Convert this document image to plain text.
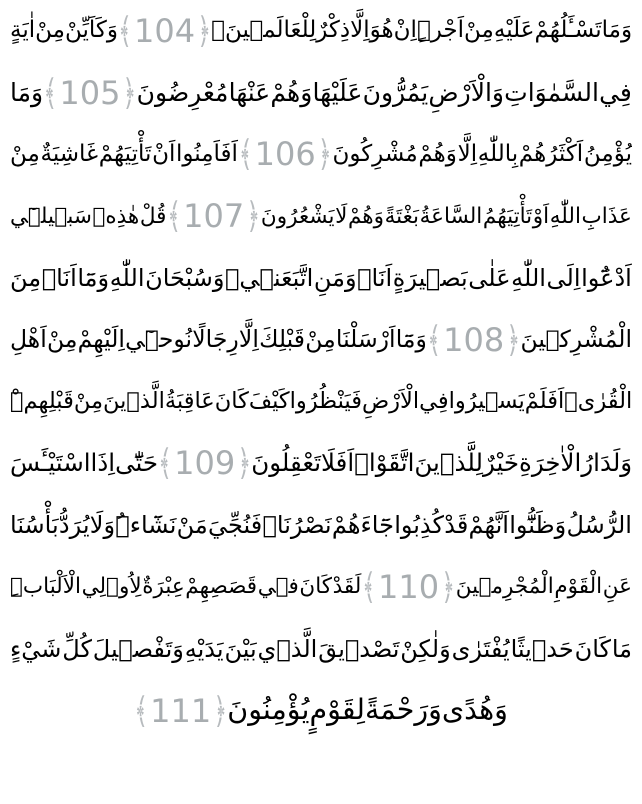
اٰيَةٍ مِنْ وَكَاَيِّنْ ﴾ 104 ﴿ لِلْعَالَمٖينَ۟ ذِكْرٌ اِلَّا هُوَ اِنْ اَجْرٍۜ مِنْ عَلَيْهِ تَسْـَٔلُهُمْ وَمَا
وَمَا ﴾ 105 ﴿ مُعْرِضُونَ عَنْهَا وَهُمْ عَلَيْهَا يَمُرُّونَ وَالْاَرْضِ السَّمٰوَاتِ فِي
مِنْ غَاشِيَةٌ تَأْتِيَهُمْ اَنْ اَفَاَمِنُوا ﴾ 106 ﴿ مُشْرِكُونَ وَهُمْ اِلَّا بِاللّٰهِ اَكْثَرُهُمْ يُؤْمِنُ
سَبٖيلٖٓي هٰذِهٖ قُلْ ﴾ 107 ﴿ يَشْعُرُونَ لَا وَهُمْ بَغْتَةً السَّاعَةُ تَأْتِيَهُمُ اَوْ اللّٰهِ عَذَابِ
مِنَ اَنَا۬ وَمَٓا اللّٰهِ وَسُبْحَانَ اتَّبَعَنٖيۜ وَمَنِ اَنَا۬ بَصٖيرَةٍ عَلٰى اللّٰهِ اِلَى اَدْعُٓوا
اَهْلِ مِنْ اِلَيْهِمْ نُوحٖٓي رِجَالًا اِلَّا قَبْلِكَ مِنْ اَرْسَلْنَا وَمَٓا ﴾ 108 ﴿ الْمُشْرِكٖينَ
قَبْلِهِمْۜ مِنْ الَّذٖينَ عَاقِبَةُ كَانَ كَيْفَ فَيَنْظُرُوا الْاَرْضِ فِي يَسٖيرُوا اَفَلَمْ الْقُرٰىۜ
اسْتَيْـَٔسَ اِذَا حَتّٰٓى ﴾ 109 ﴿ تَعْقِلُونَ اَفَلَا اتَّقَوْاۜ لِلَّذٖينَ خَيْرٌ الْاٰخِرَةِ وَلَدَارُ
بَأْسُنَا يُرَدُّ وَلَا نَشَٓاءُۜ مَنْ فَنُجِّيَ نَصْرُنَاۙ جَٓاءَهُمْ كُذِبُوا قَدْ اَنَّهُمْ وَظَنُّٓوا الرُّسُلُ
الْاَلْبَابِۜ لِاُو۬لِي عِبْرَةٌ قَصَصِهِمْ فٖي كَانَ لَقَدْ ﴾ 110 ﴿ الْمُجْرِمٖينَ الْقَوْمِ عَنِ
شَيْءٍ كُلِّ وَتَفْصٖيلَ يَدَيْهِ بَيْنَ الَّذٖي تَصْدٖيقَ وَلٰكِنْ يُفْتَرٰى حَدٖيثًا كَانَ مَا
﴾ 111 ﴿ يُؤْمِنُونَ لِقَوْمٍ وَرَحْمَةً وَهُدًى
